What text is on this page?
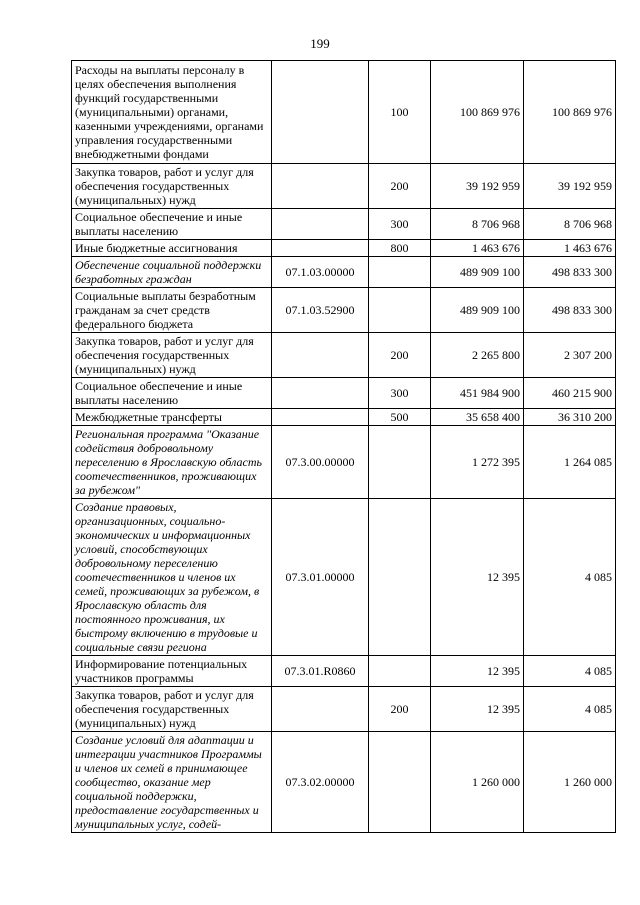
199
Расходы на выплаты персоналу в целях обеспечения выполнения функций государственными (муниципальными) органами, казенными учреждениями, органами управления государственными внебюджетными фондами		100	100 869 976	100 869 976
Закупка товаров, работ и услуг для обеспечения государственных (муниципальных) нужд		200	39 192 959	39 192 959
Социальное обеспечение и иные выплаты населению		300	8 706 968	8 706 968
Иные бюджетные ассигнования		800	1 463 676	1 463 676
Обеспечение социальной поддержки безработных граждан	07.1.03.00000		489 909 100	498 833 300
Социальные выплаты безработным гражданам за счет средств федерального бюджета	07.1.03.52900		489 909 100	498 833 300
Закупка товаров, работ и услуг для обеспечения государственных (муниципальных) нужд		200	2 265 800	2 307 200
Социальное обеспечение и иные выплаты населению		300	451 984 900	460 215 900
Межбюджетные трансферты		500	35 658 400	36 310 200
Региональная программа "Оказание содействия добровольному переселению в Ярославскую область соотечественников, проживающих за рубежом"	07.3.00.00000		1 272 395	1 264 085
Создание правовых, организационных, социально-экономических и информационных условий, способствующих добровольному переселению соотечественников и членов их семей, проживающих за рубежом, в Ярославскую область для постоянного проживания, их быстрому включению в трудовые и социальные связи региона	07.3.01.00000		12 395	4 085
Информирование потенциальных участников программы	07.3.01.R0860		12 395	4 085
Закупка товаров, работ и услуг для обеспечения государственных (муниципальных) нужд		200	12 395	4 085
Создание условий для адаптации и интеграции участников Программы и членов их семей в принимающее сообщество, оказание мер социальной поддержки, предоставление государственных и муниципальных услуг, содей-	07.3.02.00000		1 260 000	1 260 000
